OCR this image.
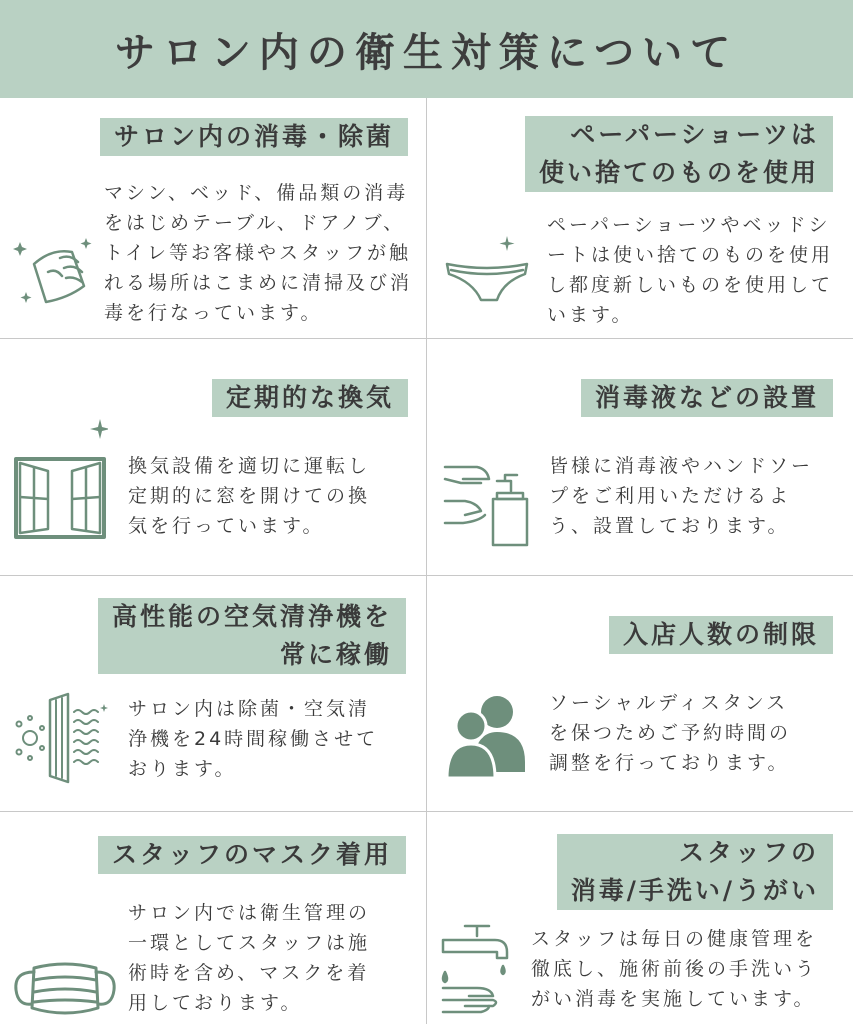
サロン内の衛生対策について
サロン内の消毒・除菌
マシン、ベッド、備品類の消毒
をはじめテーブル、ドアノブ、
トイレ等お客様やスタッフが触
れる場所はこまめに清掃及び消
毒を行なっています。
ペーパーショーツは
使い捨てのものを使用
ペーパーショーツやベッドシ
ートは使い捨てのものを使用
し都度新しいものを使用して
います。
定期的な換気
換気設備を適切に運転し
定期的に窓を開けての換
気を行っています。
消毒液などの設置
皆様に消毒液やハンドソー
プをご利用いただけるよ
う、設置しております。
高性能の空気清浄機を
常に稼働
サロン内は除菌・空気清
浄機を24時間稼働させて
おります。
入店人数の制限
ソーシャルディスタンス
を保つためご予約時間の
調整を行っております。
スタッフのマスク着用
サロン内では衛生管理の
一環としてスタッフは施
術時を含め、マスクを着
用しております。
スタッフの
消毒/手洗い/うがい
スタッフは毎日の健康管理を
徹底し、施術前後の手洗いう
がい消毒を実施しています。
